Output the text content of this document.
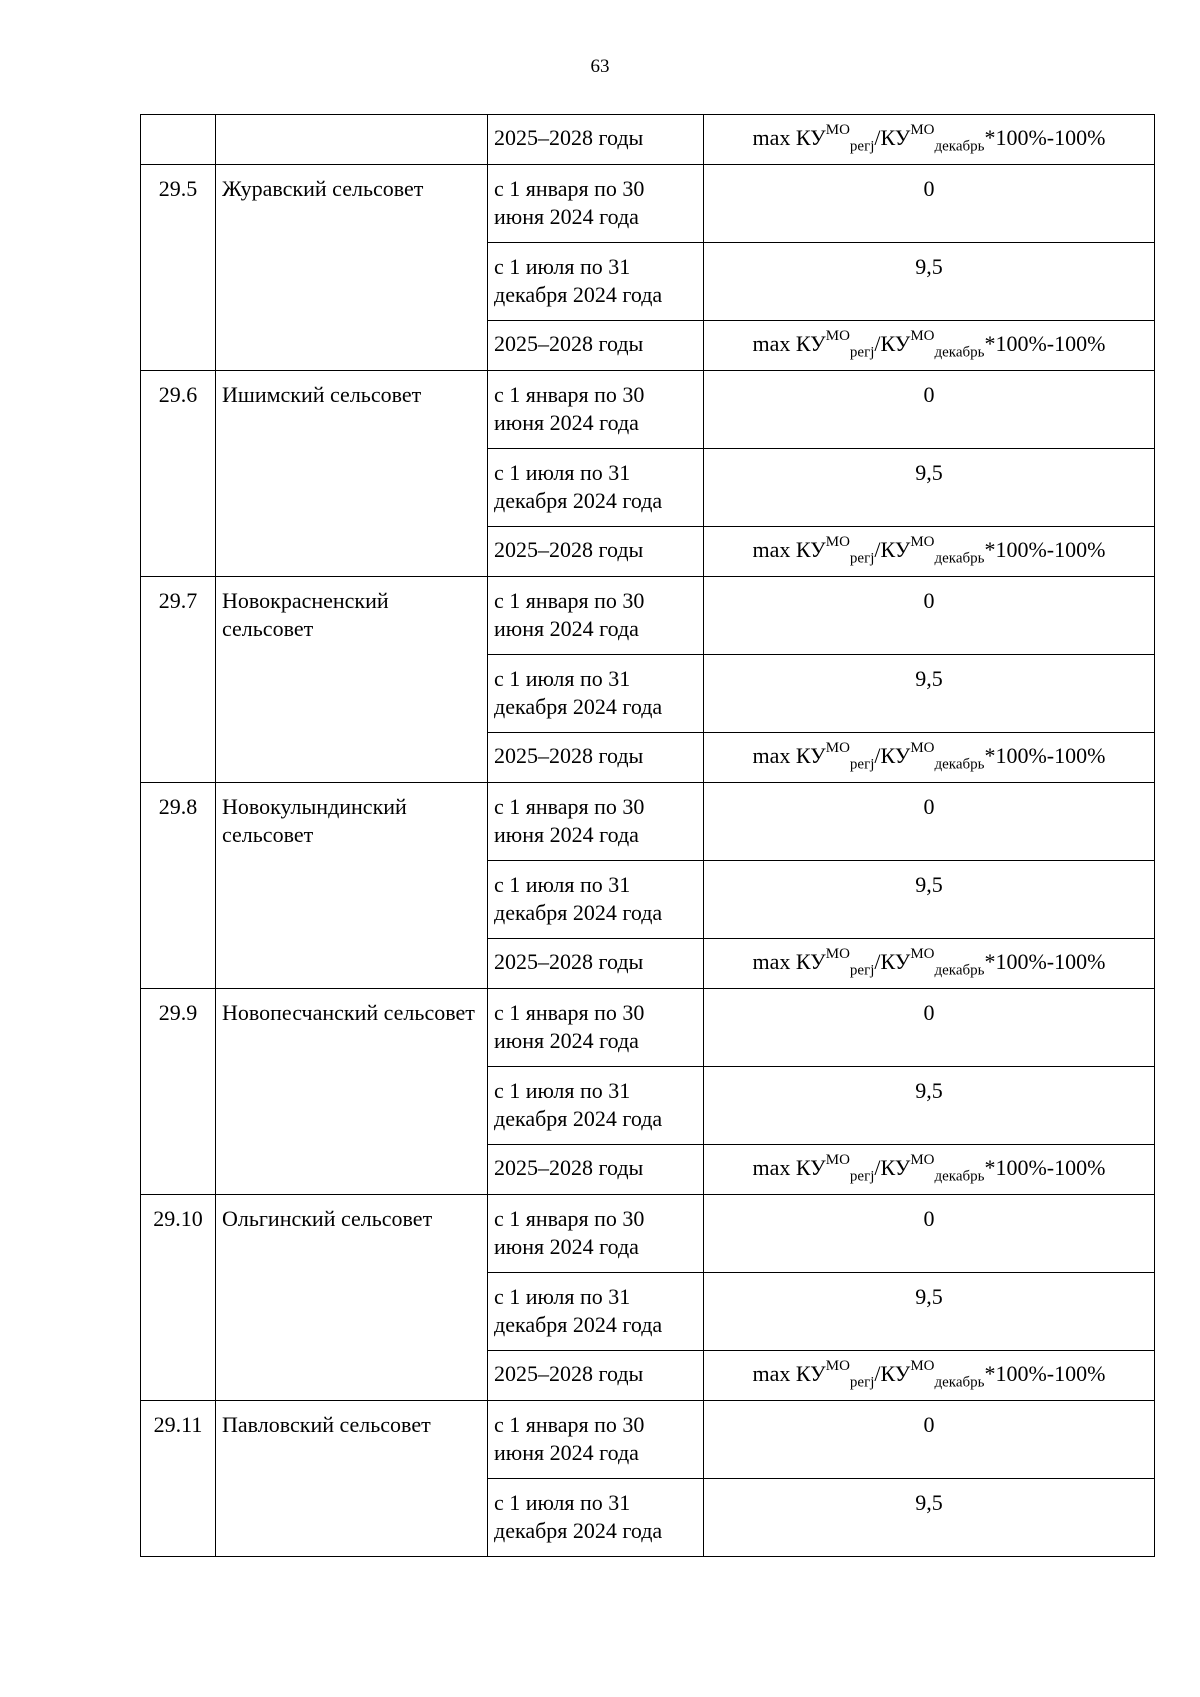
63
		2025–2028 годы	$\max КУ^{МО}_{регj}/КУ^{МО}_{декабрь}*100\%-100\%$
29.5	Журавский сельсовет	с 1 января по 30 июня 2024 года	0
		с 1 июля по 31 декабря 2024 года	9,5
		2025–2028 годы	$\max КУ^{МО}_{регj}/КУ^{МО}_{декабрь}*100\%-100\%$
29.6	Ишимский сельсовет	с 1 января по 30 июня 2024 года	0
		с 1 июля по 31 декабря 2024 года	9,5
		2025–2028 годы	$\max КУ^{МО}_{регj}/КУ^{МО}_{декабрь}*100\%-100\%$
29.7	Новокрасненский сельсовет	с 1 января по 30 июня 2024 года	0
		с 1 июля по 31 декабря 2024 года	9,5
		2025–2028 годы	$\max КУ^{МО}_{регj}/КУ^{МО}_{декабрь}*100\%-100\%$
29.8	Новокулындинский сельсовет	с 1 января по 30 июня 2024 года	0
		с 1 июля по 31 декабря 2024 года	9,5
		2025–2028 годы	$\max КУ^{МО}_{регj}/КУ^{МО}_{декабрь}*100\%-100\%$
29.9	Новопесчанский сельсовет	с 1 января по 30 июня 2024 года	0
		с 1 июля по 31 декабря 2024 года	9,5
		2025–2028 годы	$\max КУ^{МО}_{регj}/КУ^{МО}_{декабрь}*100\%-100\%$
29.10	Ольгинский сельсовет	с 1 января по 30 июня 2024 года	0
		с 1 июля по 31 декабря 2024 года	9,5
		2025–2028 годы	$\max КУ^{МО}_{регj}/КУ^{МО}_{декабрь}*100\%-100\%$
29.11	Павловский сельсовет	с 1 января по 30 июня 2024 года	0
		с 1 июля по 31 декабря 2024 года	9,5
